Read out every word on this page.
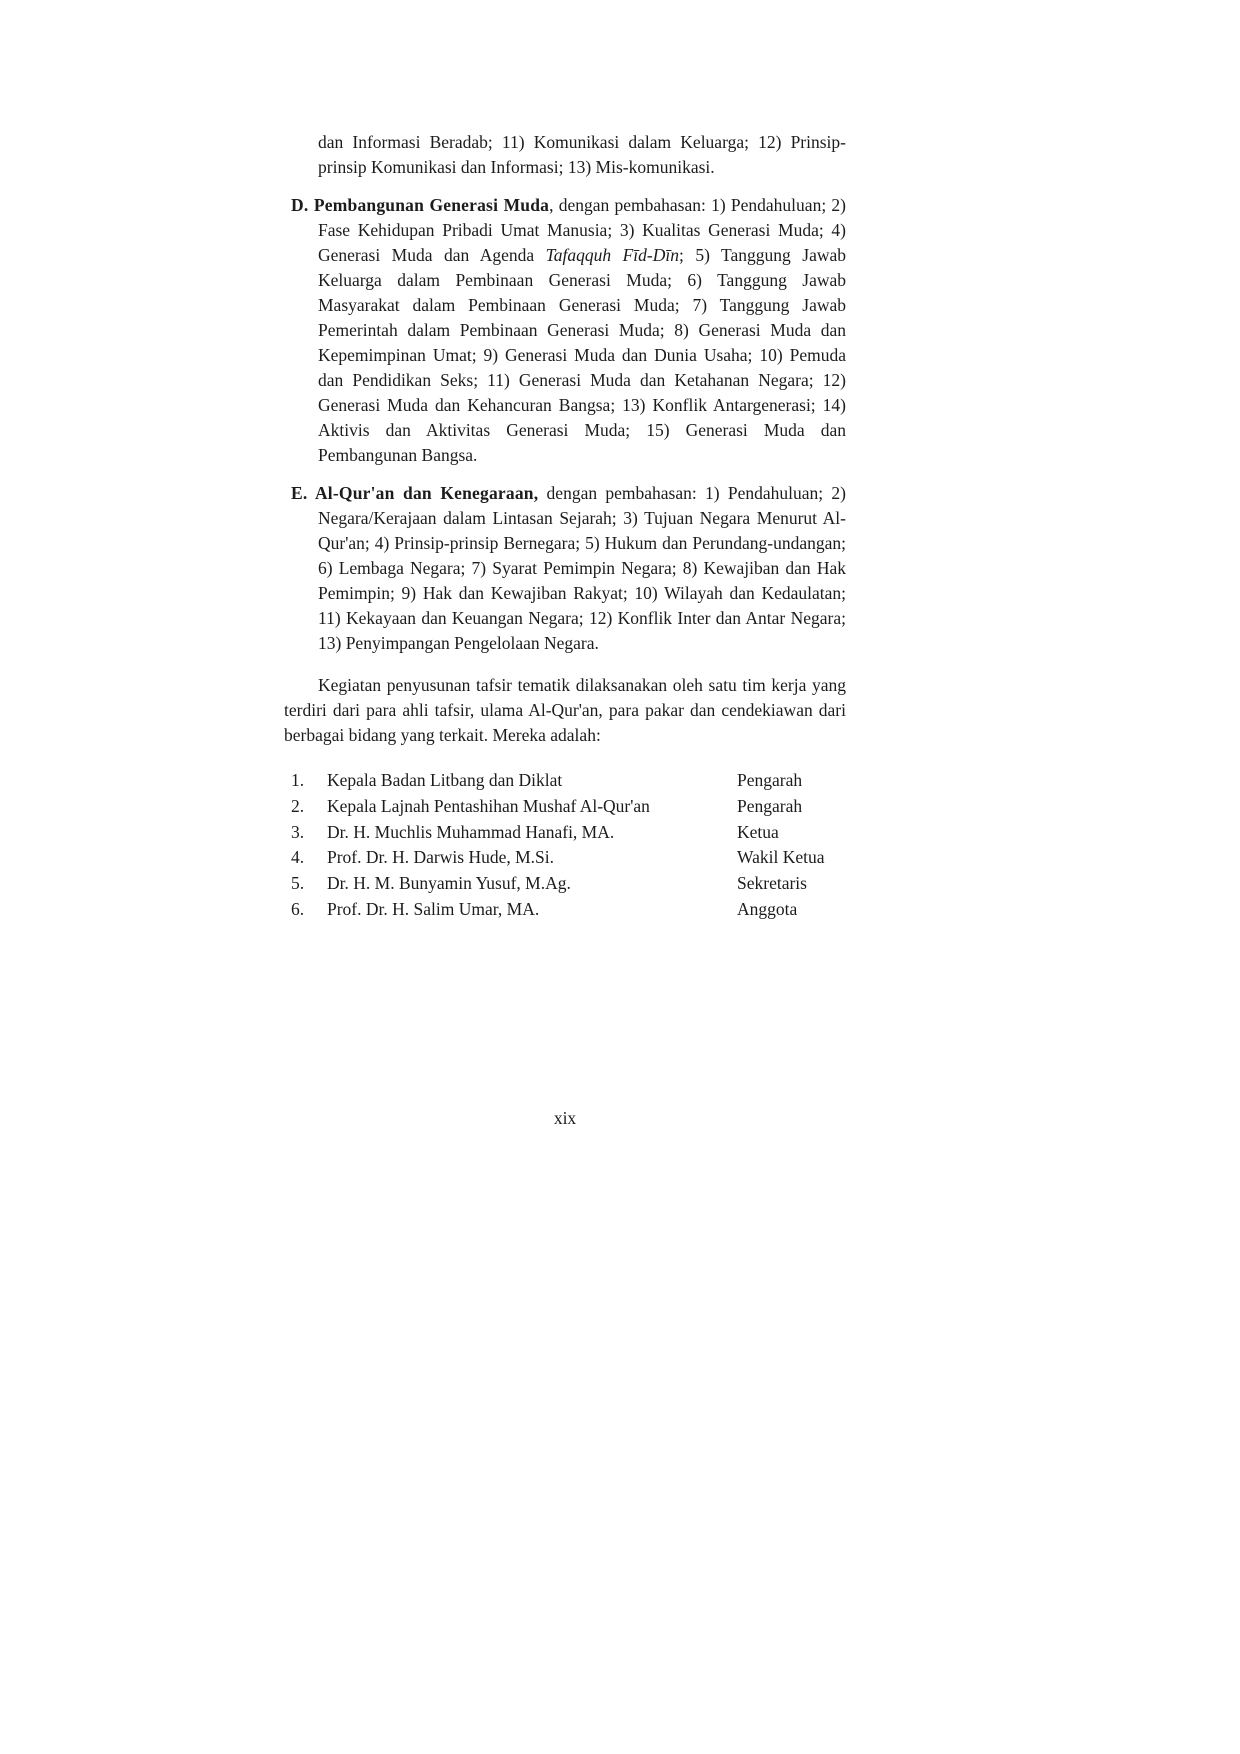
dan Informasi Beradab; 11) Komunikasi dalam Keluarga; 12) Prinsip-prinsip Komunikasi dan Informasi; 13) Mis-komunikasi.

D. Pembangunan Generasi Muda, dengan pembahasan: 1) Pendahuluan; 2) Fase Kehidupan Pribadi Umat Manusia; 3) Kualitas Generasi Muda; 4) Generasi Muda dan Agenda Tafaqquh Fīd-Dīn; 5) Tanggung Jawab Keluarga dalam Pembinaan Generasi Muda; 6) Tanggung Jawab Masyarakat dalam Pembinaan Generasi Muda; 7) Tanggung Jawab Pemerintah dalam Pembinaan Generasi Muda; 8) Generasi Muda dan Kepemimpinan Umat; 9) Generasi Muda dan Dunia Usaha; 10) Pemuda dan Pendidikan Seks; 11) Generasi Muda dan Ketahanan Negara; 12) Generasi Muda dan Kehancuran Bangsa; 13) Konflik Antargenerasi; 14) Aktivis dan Aktivitas Generasi Muda; 15) Generasi Muda dan Pembangunan Bangsa.

E. Al-Qur'an dan Kenegaraan, dengan pembahasan: 1) Pendahuluan; 2) Negara/Kerajaan dalam Lintasan Sejarah; 3) Tujuan Negara Menurut Al-Qur'an; 4) Prinsip-prinsip Bernegara; 5) Hukum dan Perundang-undangan; 6) Lembaga Negara; 7) Syarat Pemimpin Negara; 8) Kewajiban dan Hak Pemimpin; 9) Hak dan Kewajiban Rakyat; 10) Wilayah dan Kedaulatan; 11) Kekayaan dan Keuangan Negara; 12) Konflik Inter dan Antar Negara; 13) Penyimpangan Pengelolaan Negara.

Kegiatan penyusunan tafsir tematik dilaksanakan oleh satu tim kerja yang terdiri dari para ahli tafsir, ulama Al-Qur'an, para pakar dan cendekiawan dari berbagai bidang yang terkait. Mereka adalah:

1.	Kepala Badan Litbang dan Diklat	Pengarah
2.	Kepala Lajnah Pentashihan Mushaf Al-Qur'an	Pengarah
3.	Dr. H. Muchlis Muhammad Hanafi, MA.	Ketua
4.	Prof. Dr. H. Darwis Hude, M.Si.	Wakil Ketua
5.	Dr. H. M. Bunyamin Yusuf, M.Ag.	Sekretaris
6.	Prof. Dr. H. Salim Umar, MA.	Anggota
xix
